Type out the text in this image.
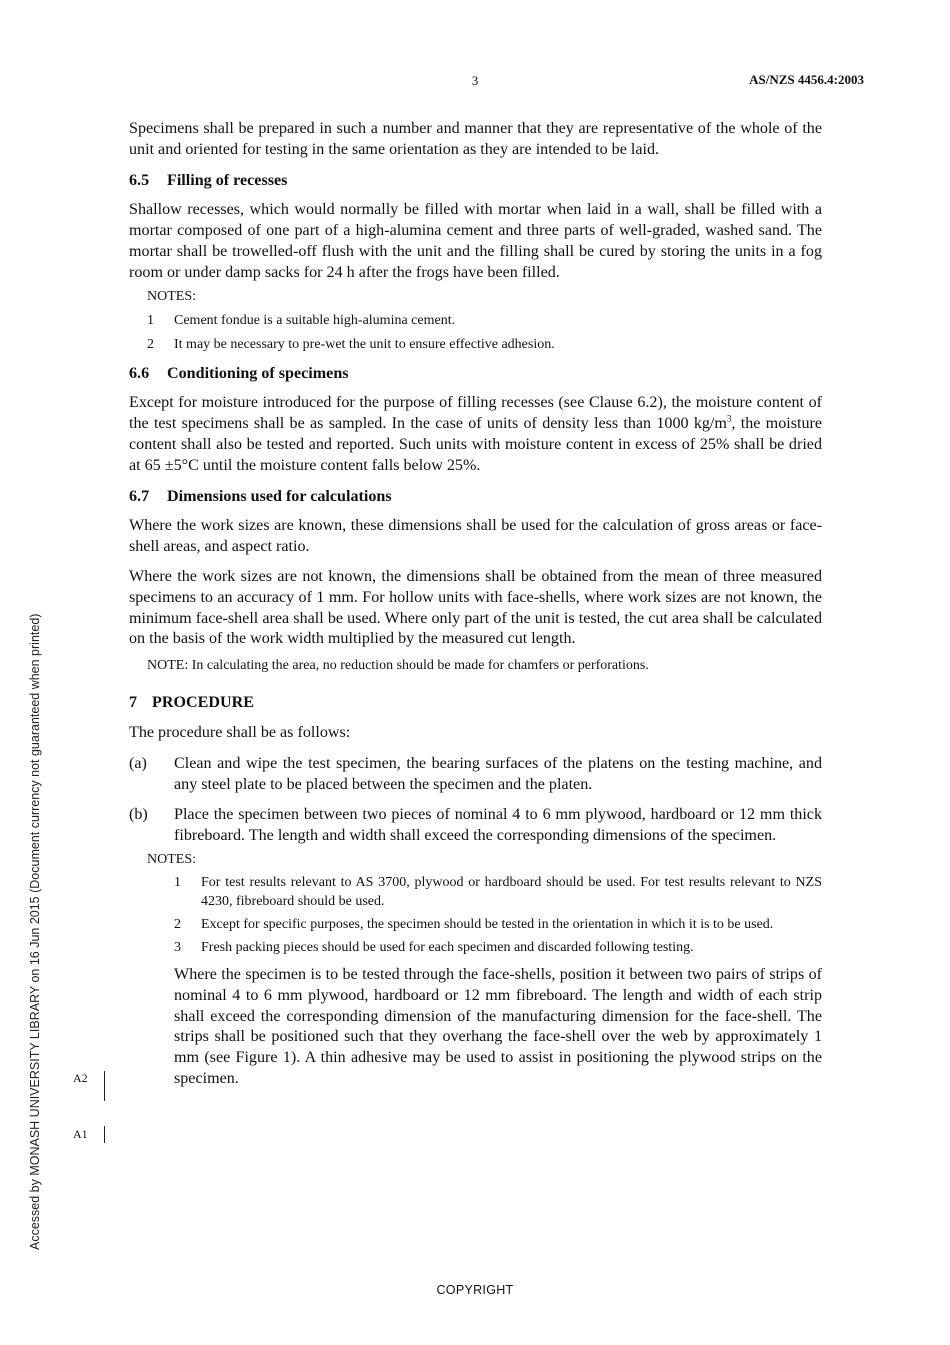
3	AS/NZS 4456.4:2003
Accessed by MONASH UNIVERSITY LIBRARY on 16 Jun 2015 (Document currency not guaranteed when printed)	A2
A1

Specimens shall be prepared in such a number and manner that they are representative of the whole of the unit and oriented for testing in the same orientation as they are intended to be laid.

6.5 Filling of recesses

Shallow recesses, which would normally be filled with mortar when laid in a wall, shall be filled with a mortar composed of one part of a high-alumina cement and three parts of well-graded, washed sand. The mortar shall be trowelled-off flush with the unit and the filling shall be cured by storing the units in a fog room or under damp sacks for 24 h after the frogs have been filled.

NOTES:
1 Cement fondue is a suitable high-alumina cement.
2 It may be necessary to pre-wet the unit to ensure effective adhesion.
6.6 Conditioning of specimens

Except for moisture introduced for the purpose of filling recesses (see Clause 6.2), the moisture content of the test specimens shall be as sampled. In the case of units of density less than 1000 $kg/m^3$, the moisture content shall also be tested and reported. Such units with moisture content in excess of 25% shall be dried at 65 ±5°C until the moisture content falls below 25%.

6.7 Dimensions used for calculations

Where the work sizes are known, these dimensions shall be used for the calculation of gross areas or face-shell areas, and aspect ratio.

Where the work sizes are not known, the dimensions shall be obtained from the mean of three measured specimens to an accuracy of 1 mm. For hollow units with face-shells, where work sizes are not known, the minimum face-shell area shall be used. Where only part of the unit is tested, the cut area shall be calculated on the basis of the work width multiplied by the measured cut length.

NOTE: In calculating the area, no reduction should be made for chamfers or perforations.
7 PROCEDURE

The procedure shall be as follows:

(a) Clean and wipe the test specimen, the bearing surfaces of the platens on the testing machine, and any steel plate to be placed between the specimen and the platen.

(b) Place the specimen between two pieces of nominal 4 to 6 mm plywood, hardboard or 12 mm thick fibreboard. The length and width shall exceed the corresponding dimensions of the specimen.

NOTES:
1 For test results relevant to AS 3700, plywood or hardboard should be used. For test results relevant to NZS 4230, fibreboard should be used.
2 Except for specific purposes, the specimen should be tested in the orientation in which it is to be used.
3 Fresh packing pieces should be used for each specimen and discarded following testing.

Where the specimen is to be tested through the face-shells, position it between two pairs of strips of nominal 4 to 6 mm plywood, hardboard or 12 mm fibreboard. The length and width of each strip shall exceed the corresponding dimension of the manufacturing dimension for the face-shell. The strips shall be positioned such that they overhang the face-shell over the web by approximately 1 mm (see Figure 1). A thin adhesive may be used to assist in positioning the plywood strips on the specimen.

COPYRIGHT
